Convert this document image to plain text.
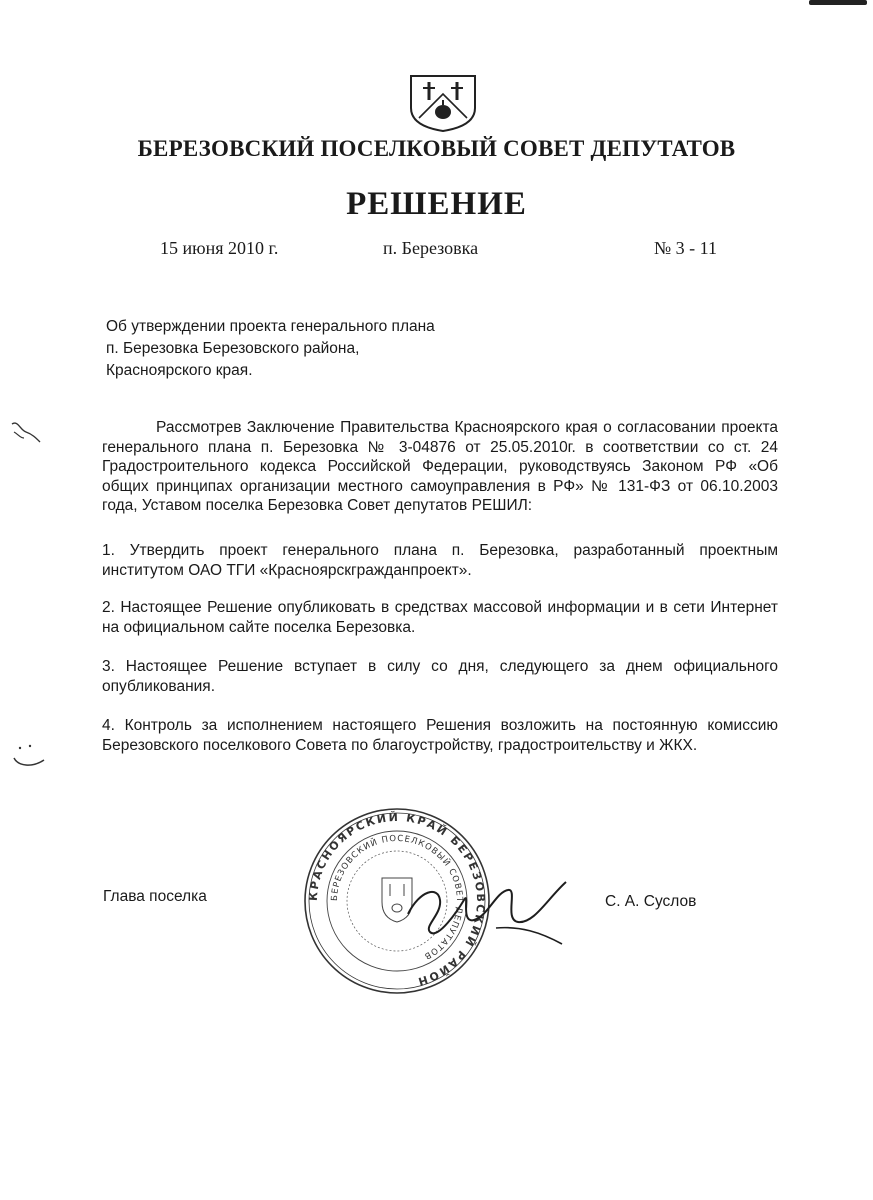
БЕРЕЗОВСКИЙ ПОСЕЛКОВЫЙ СОВЕТ ДЕПУТАТОВ
РЕШЕНИЕ
15 июня 2010 г.	п. Березовка	№ 3 - 11
Об утверждении проекта генерального плана
п. Березовка Березовского района,
Красноярского края.
Рассмотрев Заключение Правительства Красноярского края о согласовании проекта генерального плана п. Березовка № 3-04876 от 25.05.2010г. в соответствии со ст. 24 Градостроительного кодекса Российской Федерации, руководствуясь Законом РФ «Об общих принципах организации местного самоуправления в РФ» № 131-ФЗ от 06.10.2003 года, Уставом поселка Березовка Совет депутатов РЕШИЛ:
1. Утвердить проект генерального плана п. Березовка, разработанный проектным институтом ОАО ТГИ «Красноярскгражданпроект».
2. Настоящее Решение опубликовать в средствах массовой информации и в сети Интернет на официальном сайте поселка Березовка.
3. Настоящее Решение вступает в силу со дня, следующего за днем официального опубликования.
4. Контроль за исполнением настоящего Решения возложить на постоянную комиссию Березовского поселкового Совета по благоустройству, градостроительству и ЖКХ.
Глава поселка	С. А. Суслов
КРАСНОЯРСКИЙ КРАЙ БЕРЕЗОВСКИЙ РАЙОН
БЕРЕЗОВСКИЙ ПОСЕЛКОВЫЙ СОВЕТ ДЕПУТАТОВ
